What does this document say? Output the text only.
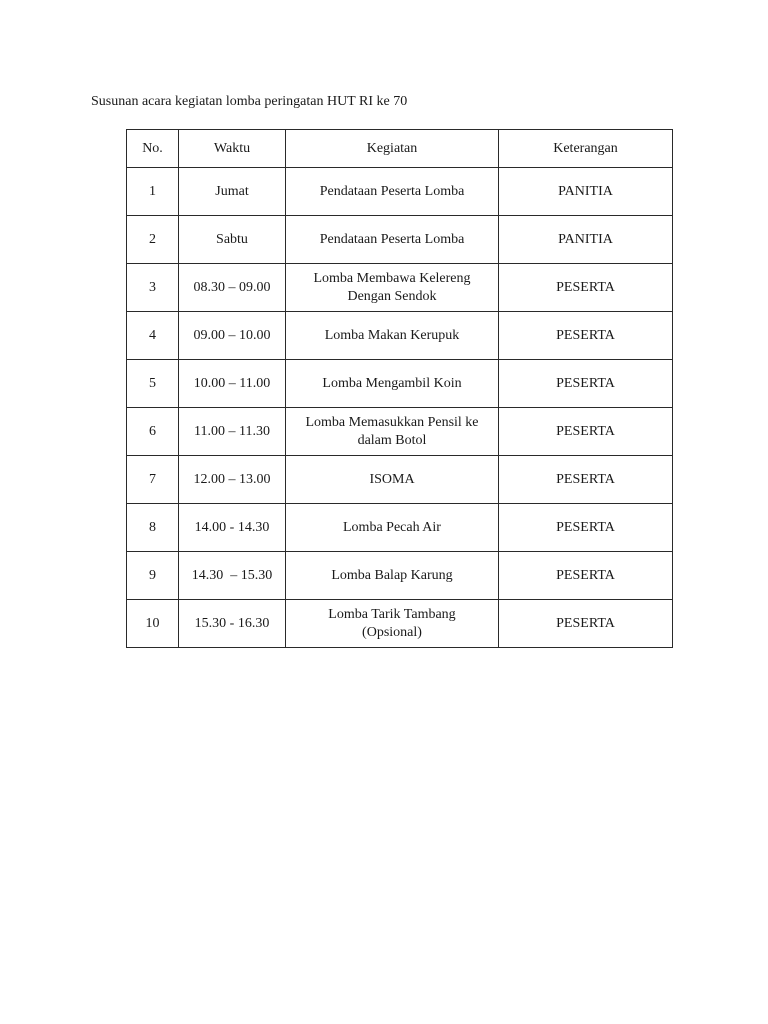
Susunan acara kegiatan lomba peringatan HUT RI ke 70
No.	Waktu	Kegiatan	Keterangan
1	Jumat	Pendataan Peserta Lomba	PANITIA
2	Sabtu	Pendataan Peserta Lomba	PANITIA
3	08.30 – 09.00	Lomba Membawa Kelereng
Dengan Sendok	PESERTA
4	09.00 – 10.00	Lomba Makan Kerupuk	PESERTA
5	10.00 – 11.00	Lomba Mengambil Koin	PESERTA
6	11.00 – 11.30	Lomba Memasukkan Pensil ke
dalam Botol	PESERTA
7	12.00 – 13.00	ISOMA	PESERTA
8	14.00 - 14.30	Lomba Pecah Air	PESERTA
9	14.30  – 15.30	Lomba Balap Karung	PESERTA
10	15.30 - 16.30	Lomba Tarik Tambang
(Opsional)	PESERTA
